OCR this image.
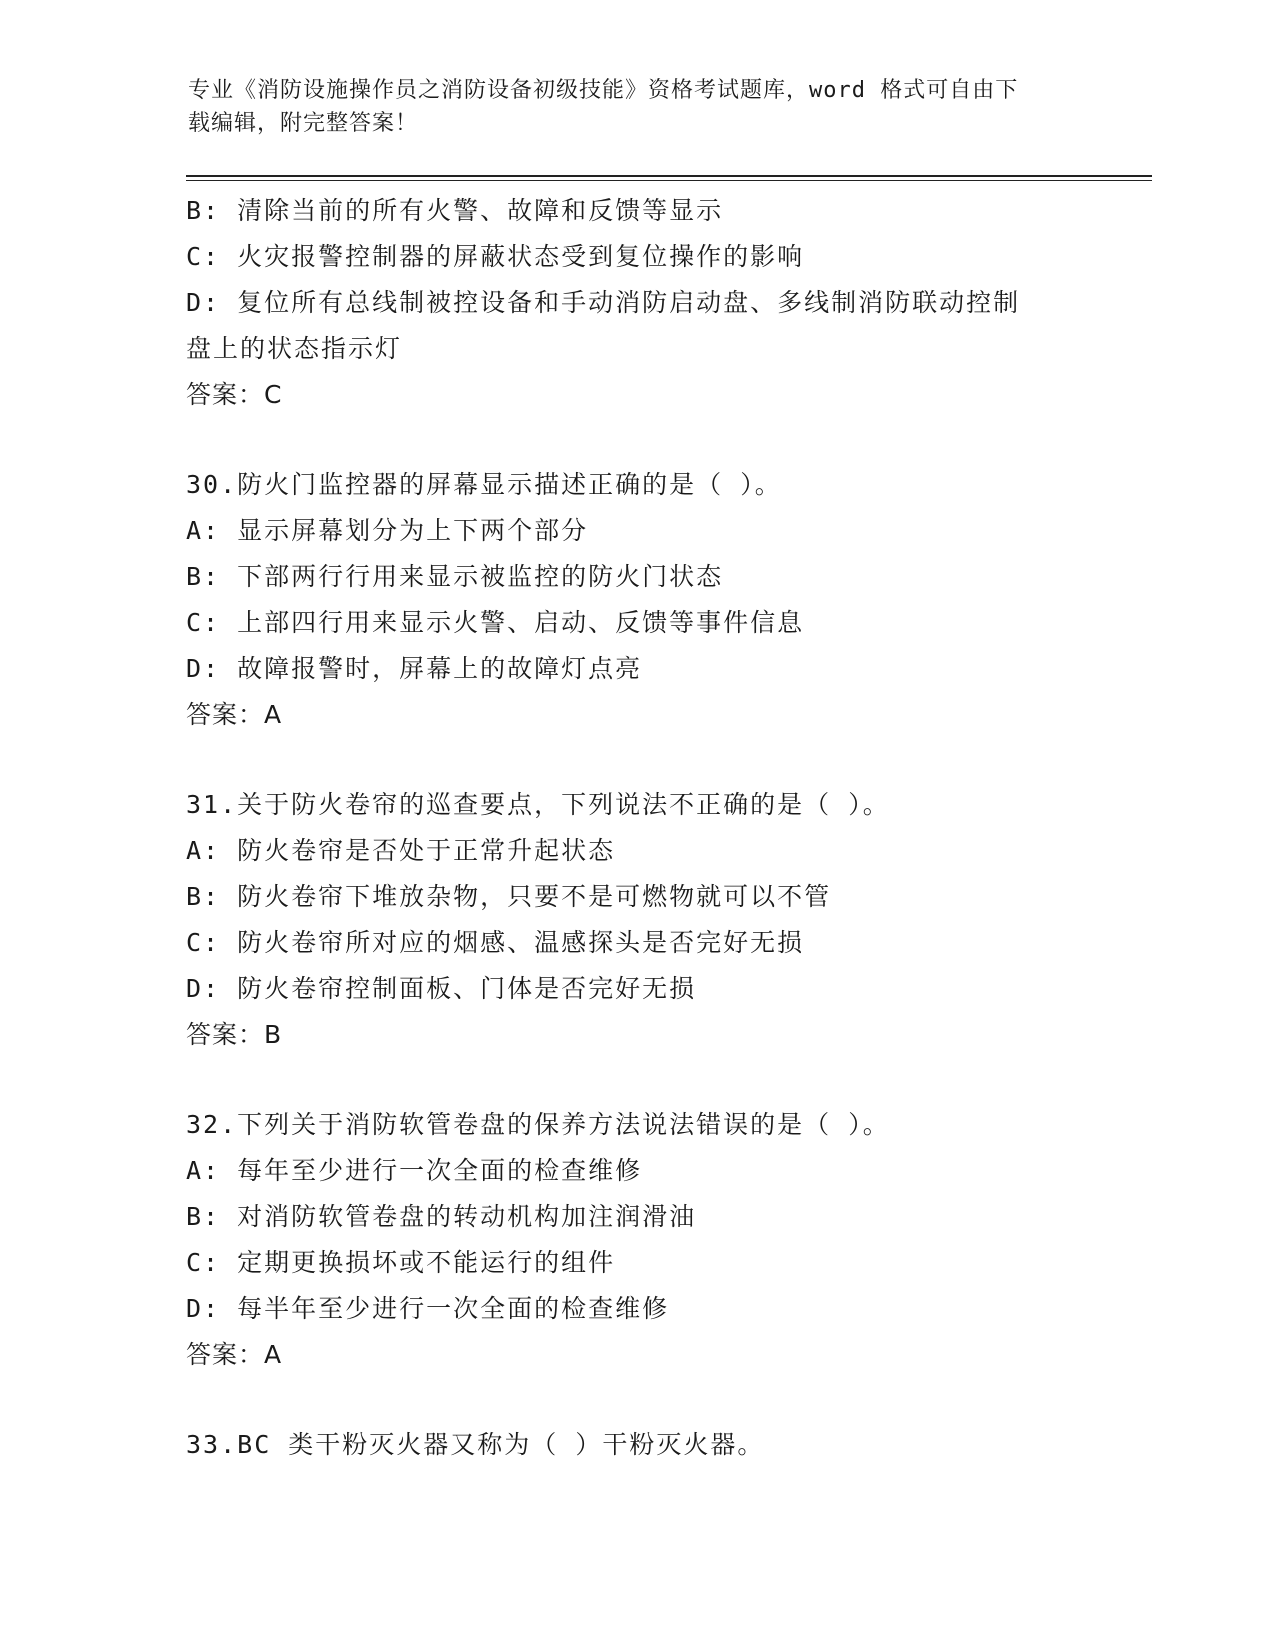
专业《消防设施操作员之消防设备初级技能》资格考试题库，word 格式可自由下
载编辑，附完整答案！
B: 清除当前的所有火警、故障和反馈等显示
C: 火灾报警控制器的屏蔽状态受到复位操作的影响
D: 复位所有总线制被控设备和手动消防启动盘、多线制消防联动控制
盘上的状态指示灯
答案：C
30.防火门监控器的屏幕显示描述正确的是（ ）。
A: 显示屏幕划分为上下两个部分
B: 下部两行行用来显示被监控的防火门状态
C: 上部四行用来显示火警、启动、反馈等事件信息
D: 故障报警时，屏幕上的故障灯点亮
答案：A
31.关于防火卷帘的巡查要点，下列说法不正确的是（ ）。
A: 防火卷帘是否处于正常升起状态
B: 防火卷帘下堆放杂物，只要不是可燃物就可以不管
C: 防火卷帘所对应的烟感、温感探头是否完好无损
D: 防火卷帘控制面板、门体是否完好无损
答案：B
32.下列关于消防软管卷盘的保养方法说法错误的是（ ）。
A: 每年至少进行一次全面的检查维修
B: 对消防软管卷盘的转动机构加注润滑油
C: 定期更换损坏或不能运行的组件
D: 每半年至少进行一次全面的检查维修
答案：A
33.BC 类干粉灭火器又称为（ ）干粉灭火器。
